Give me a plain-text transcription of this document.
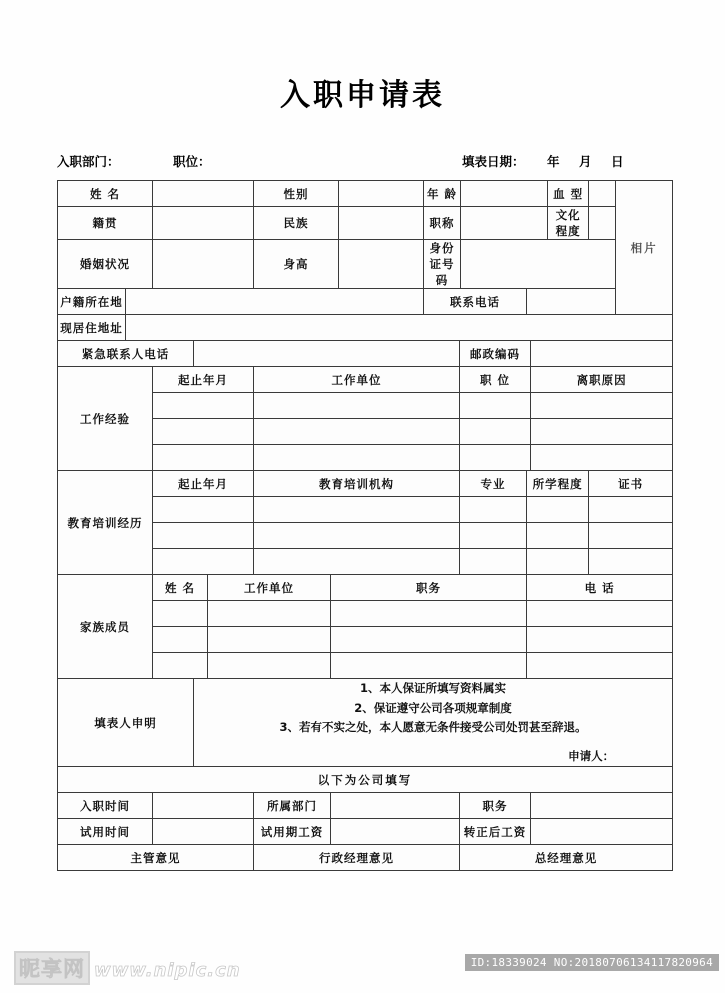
入职申请表
入职部门：	职位：	填表日期： 年 月 日
姓 名					性别			年 龄				血 型		相片
籍贯					民族			职称				文化程度		
婚姻状况					身高			身份证号码						
户籍所在地								联系电话						
现居住地址														
紧急联系人电话									邮政编码					
工作经验		起止年月			工作单位				职 位		离职原因			

教育培训经历		起止年月			教育培训机构				专业	所学程度			证书	

家族成员		姓 名		工作单位		职务				电 话				

填表人申明			1、本人保证所填写资料属实
2、保证遵守公司各项规章制度
3、若有不实之处，本人愿意无条件接受公司处罚甚至辞退。
申请人：											

以下为公司填写														
入职时间					所属部门				职务					
试用时间					试用期工资				转正后工资					
主管意见					行政经理意见				总经理意见					
昵享网 www.nipic.cn	ID:18339024 NO:20180706134117820964
